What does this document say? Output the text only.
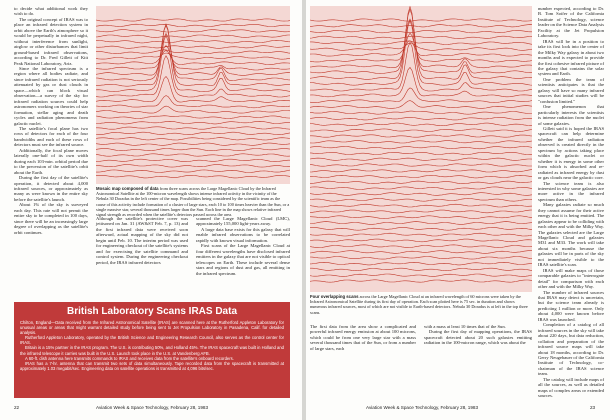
to decide what additional work they wish to do.

The original concept of IRAS was to place an infrared detection system in orbit above the Earth's atmosphere so it would be perpetually in infrared night, without interference from sunlight, airglow or other disturbances that limit ground-based infrared observations, according to Dr. Fred Gillett of Kitt Peak National Laboratory, Ariz.

Since the infrared spectrum is a region where all bodies radiate, and since infrared radiation is not seriously attenuated by gas or dust clouds in space—which can block visual observation—a survey of the sky for infrared radiation sources could help astronomers working on theories of star formation, stellar aging and death cycles and radiation phenomena from galactic nuclei.

The satellite's focal plane has two rows of detectors for each of the four bandwidths and each of these rows of detectors must see the infrared source.

Additionally, the focal plane moves laterally one-half of its own width during each 103-min. orbital period due to the precession of the satellite's orbit about the Earth.

During the first day of the satellite's operation, it detected about 4,000 infrared sources, or approximately as many as were known in the entire sky before the satellite's launch.

About 1% of the sky is surveyed each day. This rate will not permit the entire sky to be completed in 100 days, since there will be an increasingly large degree of overlapping as the satellite's orbit continues.

Mosaic map composed of data from three scans across the Large Magellanic Cloud by the Infrared Astronomical Satellite at the 100-micron wavelength shows intense infrared activity in the vicinity of the Nebula 30 Doradus in the left center of the map. Possibilities being considered by the scientific team as the cause of this activity include formation of a cluster of large stars, each 10 to 100 times heavier than the Sun, or a single massive star, several thousand times larger than the Sun. Each line in the map shows relative infrared signal strength as recorded when the satellite's detectors passed across the area.

Although the satellite's protective cover was jettisoned on Jan. 31 (AW&ST Feb. 7, p. 13) and the first infrared data were received soon afterward, actual mapping of the sky did not begin until Feb. 10. The interim period was used for engineering checkout of the satellite's systems and for exercising the satellite command and control system. During the engineering checkout period, the IRAS infrared detectors

scanned the Large Magellanic Cloud (LMC), approximately 155,000 light-years away.

A large data base exists for this galaxy that will enable infrared observations to be correlated rapidly with known visual information.

First scans of the Large Magellanic Cloud at four different wavelengths have disclosed infrared emitters in the galaxy that are not visible to optical telescopes on Earth. These include several dense stars and regions of dust and gas, all emitting in the infrared spectrum.

British Laboratory Scans IRAS Data

Chilton, England—Data received from the Infrared Astronomical Satellite (IRAS) are scanned here at the Rutherford Appleton Laboratory for unusual areas or areas that might warrant detailed study before being sent to Jet Propulsion Laboratory in Pasadena, Calif. for detailed analysis.

Rutherford Appleton Laboratory, operated by the British Science and Engineering Research Council, also serves as the control center for IRAS.

Britain is a 15% partner in the IRAS program. The U.S. is contributing 50%, and Holland 45%. The IRAS spacecraft was built in Holland and the infrared telescope it carries was built in the U.S. Launch took place in the U.S. at Vandenberg AFB.

A 60-ft. dish antenna here transmits commands to IRAS and receives data from the satellite's onboard recorders.

IRAS has a 7-hr. antenna that can transmit two sets of data simultaneously. Tape recorded data from the spacecraft is transmitted at approximately 1.03 megabit/sec. Engineering data on satellite operations is transmitted at 4,096 bits/sec.

22	Aviation Week & Space Technology, February 28, 1983
Four overlapping scans across the Large Magellanic Cloud at an infrared wavelength of 60 microns were taken by the Infrared Astronomical Satellite during its first day of operation. Each scan plotted here is 75 sec. in duration and shows numerous infrared sources, most of which are not visible to Earth-based detectors. Nebula 30 Doradus is at left in the top three scans.

The first data from the area show a complicated and powerful infrared energy emission at about 100 microns, which could be from one very large star with a mass several thousand times that of the Sun, or from a number of large stars, each

with a mass at least 10 times that of the Sun.

During the first day of mapping operations, the IRAS spacecraft detected about 20 such galaxies emitting radiation in the 100-micron range, which was about the

number expected, according to Dr. B. Tom Soifer of the California Institute of Technology, science leader on the Science Data Analysis Facility at the Jet Propulsion Laboratory.

IRAS will be in a position to take its first look into the center of the Milky Way galaxy in about two months and is expected to provide the first cohesive infrared picture of the galaxy that contains the solar system and Earth.

One problem the team of scientists anticipates is that the galaxy will have so many infrared sources that initial studies will be "confusion limited."

One phenomenon that particularly interests the scientists is intense radiation from the nuclei of some galaxies.

Gillett said it is hoped the IRAS spacecraft can help determine whether the infrared radiation observed is created directly in the spectrum by actions taking place within the galactic nuclei or whether it is energy in some other form which is absorbed and re-radiated as infrared energy by dust or gas clouds near the galactic core.

The science team is also interested in why some galaxies are more active in the infrared spectrum than others.

Many galaxies radiate so much they cannot assume for their active energy that it is being emitted. The galaxies appear to be colliding with each other and with the Milky Way. The galaxies selected are the Large Magellanic Cloud and galaxies M31 and M33. The work will take about six months because the galaxies will be in parts of the sky not immediately visible to the IRAS satellite's scan.

IRAS will make maps of those comparable galaxies to "interrogate detail" for comparison with each other and with the Milky Way.

The number of infrared sources that IRAS may detect is uncertain, but the science team already is predicting 1 million or more. Only about 4,000 were known before IRAS was launched.

Completion of a catalog of all infrared sources in the sky will take about 220 days, but data reduction, collation and preparation of the infrared source maps will take about 18 months, according to Dr. Gerry Neugebauer of the California Institute of Technology, co-chairman of the IRAS science team.

The catalog will include maps of all the sources, as well as detailed maps of complex areas or extended sources.

Aviation Week & Space Technology, February 28, 1983	23
